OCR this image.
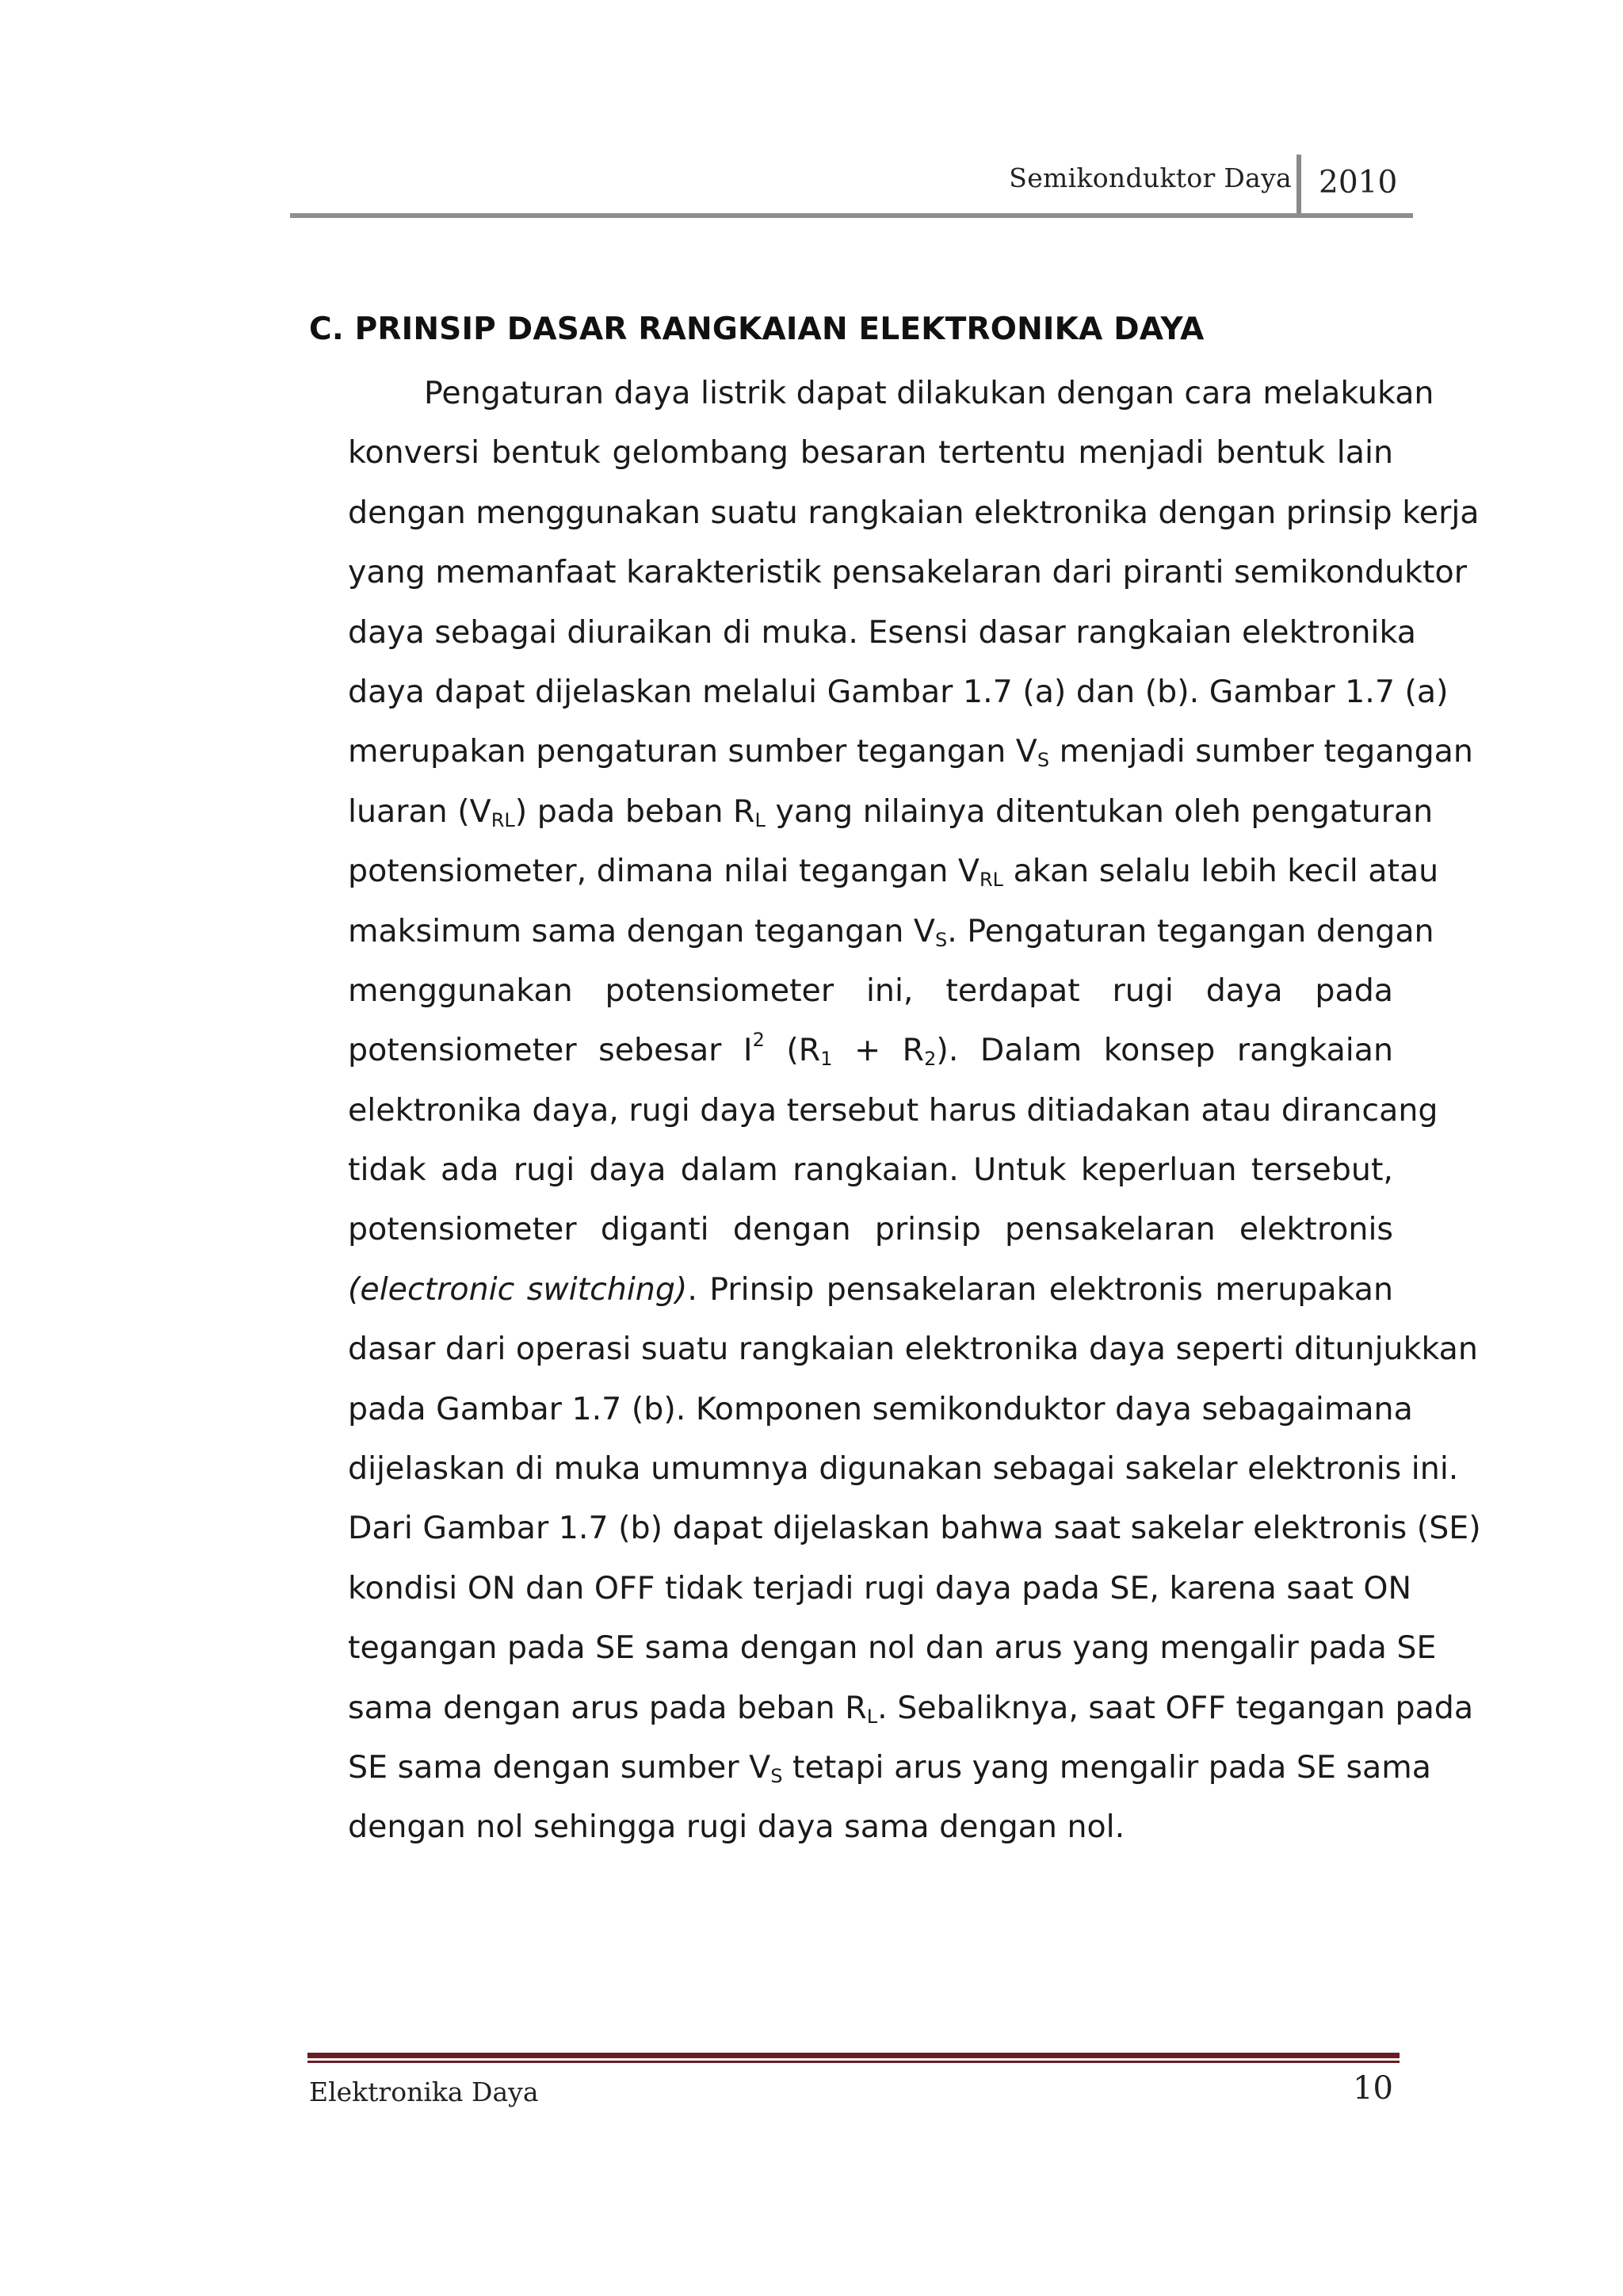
Semikonduktor Daya 2010
C. PRINSIP DASAR RANGKAIAN ELEKTRONIKA DAYA
Pengaturan daya listrik dapat dilakukan dengan cara melakukan
konversi bentuk gelombang besaran tertentu menjadi bentuk lain
dengan menggunakan suatu rangkaian elektronika dengan prinsip kerja
yang memanfaat karakteristik pensakelaran dari piranti semikonduktor
daya sebagai diuraikan di muka. Esensi dasar rangkaian elektronika
daya dapat dijelaskan melalui Gambar 1.7 (a) dan (b). Gambar 1.7 (a)
merupakan pengaturan sumber tegangan $V_S$ menjadi sumber tegangan
luaran $(V_{RL})$ pada beban $R_L$ yang nilainya ditentukan oleh pengaturan
potensiometer, dimana nilai tegangan $V_{RL}$ akan selalu lebih kecil atau
maksimum sama dengan tegangan $V_S$. Pengaturan tegangan dengan
menggunakan potensiometer ini, terdapat rugi daya pada
potensiometer sebesar $I^2$ $(R_1 + R_2)$. Dalam konsep rangkaian
elektronika daya, rugi daya tersebut harus ditiadakan atau dirancang
tidak ada rugi daya dalam rangkaian. Untuk keperluan tersebut,
potensiometer diganti dengan prinsip pensakelaran elektronis
(electronic switching). Prinsip pensakelaran elektronis merupakan
dasar dari operasi suatu rangkaian elektronika daya seperti ditunjukkan
pada Gambar 1.7 (b). Komponen semikonduktor daya sebagaimana
dijelaskan di muka umumnya digunakan sebagai sakelar elektronis ini.
Dari Gambar 1.7 (b) dapat dijelaskan bahwa saat sakelar elektronis (SE)
kondisi ON dan OFF tidak terjadi rugi daya pada SE, karena saat ON
tegangan pada SE sama dengan nol dan arus yang mengalir pada SE
sama dengan arus pada beban $R_L$. Sebaliknya, saat OFF tegangan pada
SE sama dengan sumber $V_S$ tetapi arus yang mengalir pada SE sama
dengan nol sehingga rugi daya sama dengan nol.
Elektronika Daya	10
